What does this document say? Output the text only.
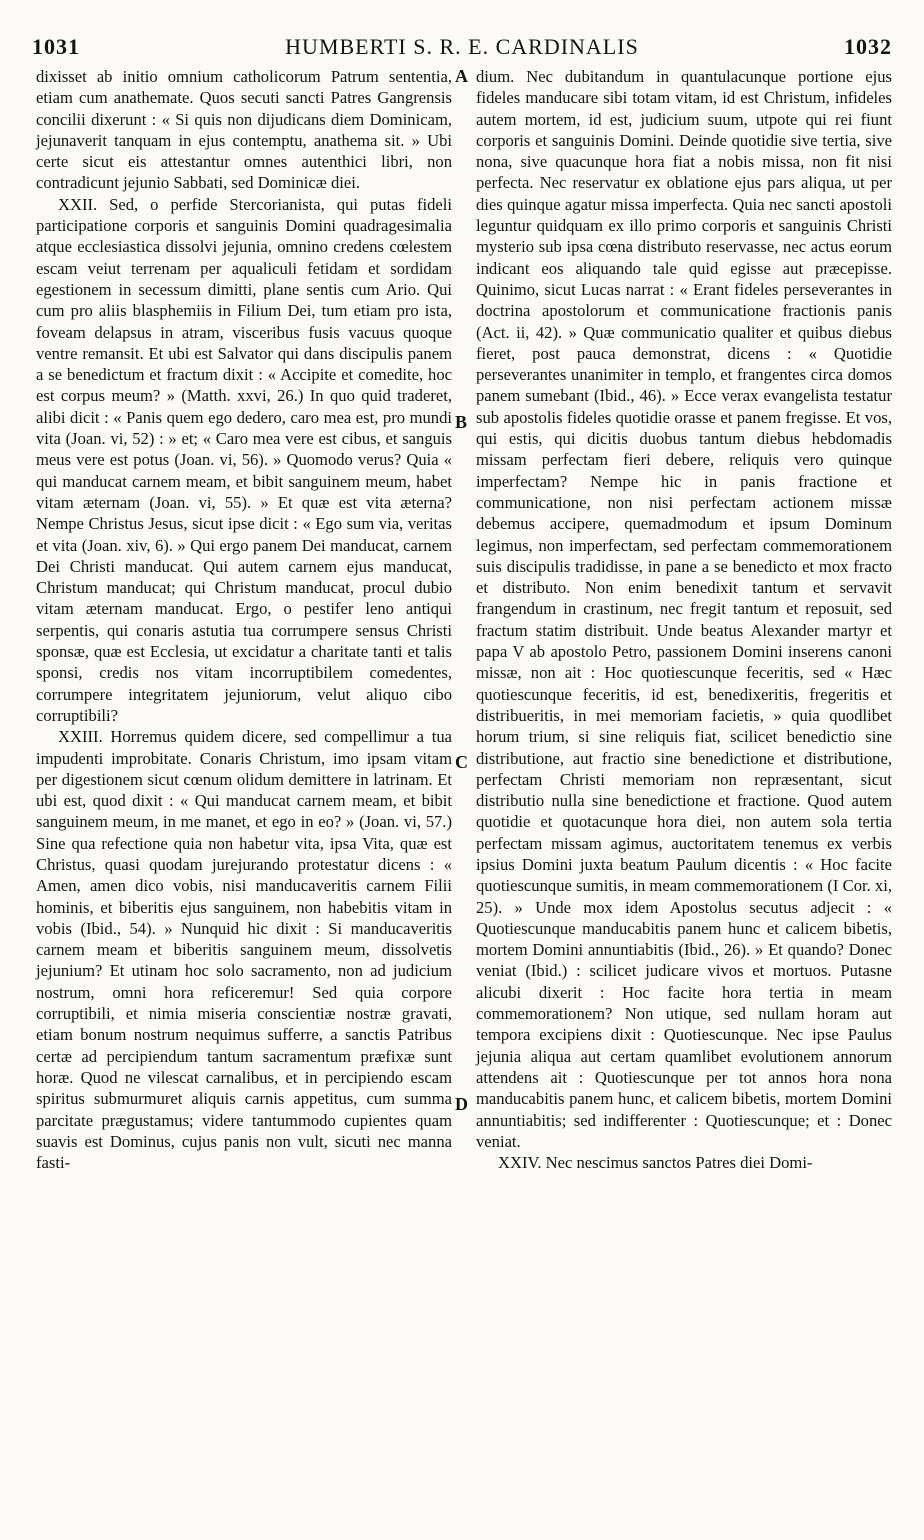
1031	HUMBERTI S. R. E. CARDINALIS	1032
A
B
C
D

dixisset ab initio omnium catholicorum Patrum sententia, etiam cum anathemate. Quos secuti sancti Patres Gangrensis concilii dixerunt : « Si quis non dijudicans diem Dominicam, jejunaverit tanquam in ejus contemptu, anathema sit. » Ubi certe sicut eis attestantur omnes autenthici libri, non contradicunt jejunio Sabbati, sed Dominicæ diei.

XXII. Sed, o perfide Stercorianista, qui putas fideli participatione corporis et sanguinis Domini quadragesimalia atque ecclesiastica dissolvi jejunia, omnino credens cœlestem escam veiut terrenam per aqualiculi fetidam et sordidam egestionem in secessum dimitti, plane sentis cum Ario. Qui cum pro aliis blasphemiis in Filium Dei, tum etiam pro ista, foveam delapsus in atram, visceribus fusis vacuus quoque ventre remansit. Et ubi est Salvator qui dans discipulis panem a se benedictum et fractum dixit : « Accipite et comedite, hoc est corpus meum? » (Matth. xxvi, 26.) In quo quid traderet, alibi dicit : « Panis quem ego dedero, caro mea est, pro mundi vita (Joan. vi, 52) : » et; « Caro mea vere est cibus, et sanguis meus vere est potus (Joan. vi, 56). » Quomodo verus? Quia « qui manducat carnem meam, et bibit sanguinem meum, habet vitam æternam (Joan. vi, 55). » Et quæ est vita æterna? Nempe Christus Jesus, sicut ipse dicit : « Ego sum via, veritas et vita (Joan. xiv, 6). » Qui ergo panem Dei manducat, carnem Dei Christi manducat. Qui autem carnem ejus manducat, Christum manducat; qui Christum manducat, procul dubio vitam æternam manducat. Ergo, o pestifer leno antiqui serpentis, qui conaris astutia tua corrumpere sensus Christi sponsæ, quæ est Ecclesia, ut excidatur a charitate tanti et talis sponsi, credis nos vitam incorruptibilem comedentes, corrumpere integritatem jejuniorum, velut aliquo cibo corruptibili?

XXIII. Horremus quidem dicere, sed compellimur a tua impudenti improbitate. Conaris Christum, imo ipsam vitam per digestionem sicut cœnum olidum demittere in latrinam. Et ubi est, quod dixit : « Qui manducat carnem meam, et bibit sanguinem meum, in me manet, et ego in eo? » (Joan. vi, 57.) Sine qua refectione quia non habetur vita, ipsa Vita, quæ est Christus, quasi quodam jurejurando protestatur dicens : « Amen, amen dico vobis, nisi manducaveritis carnem Filii hominis, et biberitis ejus sanguinem, non habebitis vitam in vobis (Ibid., 54). » Nunquid hic dixit : Si manducaveritis carnem meam et biberitis sanguinem meum, dissolvetis jejunium? Et utinam hoc solo sacramento, non ad judicium nostrum, omni hora reficeremur! Sed quia corpore corruptibili, et nimia miseria conscientiæ nostræ gravati, etiam bonum nostrum nequimus sufferre, a sanctis Patribus certæ ad percipiendum tantum sacramentum præfixæ sunt horæ. Quod ne vilescat carnalibus, et in percipiendo escam spiritus submurmuret aliquis carnis appetitus, cum summa parcitate prægustamus; videre tantummodo cupientes quam suavis est Dominus, cujus panis non vult, sicuti nec manna fasti-

dium. Nec dubitandum in quantulacunque portione ejus fideles manducare sibi totam vitam, id est Christum, infideles autem mortem, id est, judicium suum, utpote qui rei fiunt corporis et sanguinis Domini. Deinde quotidie sive tertia, sive nona, sive quacunque hora fiat a nobis missa, non fit nisi perfecta. Nec reservatur ex oblatione ejus pars aliqua, ut per dies quinque agatur missa imperfecta. Quia nec sancti apostoli leguntur quidquam ex illo primo corporis et sanguinis Christi mysterio sub ipsa cœna distributo reservasse, nec actus eorum indicant eos aliquando tale quid egisse aut præcepisse. Quinimo, sicut Lucas narrat : « Erant fideles perseverantes in doctrina apostolorum et communicatione fractionis panis (Act. ii, 42). » Quæ communicatio qualiter et quibus diebus fieret, post pauca demonstrat, dicens : « Quotidie perseverantes unanimiter in templo, et frangentes circa domos panem sumebant (Ibid., 46). » Ecce verax evangelista testatur sub apostolis fideles quotidie orasse et panem fregisse. Et vos, qui estis, qui dicitis duobus tantum diebus hebdomadis missam perfectam fieri debere, reliquis vero quinque imperfectam? Nempe hic in panis fractione et communicatione, non nisi perfectam actionem missæ debemus accipere, quemadmodum et ipsum Dominum legimus, non imperfectam, sed perfectam commemorationem suis discipulis tradidisse, in pane a se benedicto et mox fracto et distributo. Non enim benedixit tantum et servavit frangendum in crastinum, nec fregit tantum et reposuit, sed fractum statim distribuit. Unde beatus Alexander martyr et papa V ab apostolo Petro, passionem Domini inserens canoni missæ, non ait : Hoc quotiescunque feceritis, sed « Hæc quotiescunque feceritis, id est, benedixeritis, fregeritis et distribueritis, in mei memoriam facietis, » quia quodlibet horum trium, si sine reliquis fiat, scilicet benedictio sine distributione, aut fractio sine benedictione et distributione, perfectam Christi memoriam non repræsentant, sicut distributio nulla sine benedictione et fractione. Quod autem quotidie et quotacunque hora diei, non autem sola tertia perfectam missam agimus, auctoritatem tenemus ex verbis ipsius Domini juxta beatum Paulum dicentis : « Hoc facite quotiescunque sumitis, in meam commemorationem (I Cor. xi, 25). » Unde mox idem Apostolus secutus adjecit : « Quotiescunque manducabitis panem hunc et calicem bibetis, mortem Domini annuntiabitis (Ibid., 26). » Et quando? Donec veniat (Ibid.) : scilicet judicare vivos et mortuos. Putasne alicubi dixerit : Hoc facite hora tertia in meam commemorationem? Non utique, sed nullam horam aut tempora excipiens dixit : Quotiescunque. Nec ipse Paulus jejunia aliqua aut certam quamlibet evolutionem annorum attendens ait : Quotiescunque per tot annos hora nona manducabitis panem hunc, et calicem bibetis, mortem Domini annuntiabitis; sed indifferenter : Quotiescunque; et : Donec veniat.

XXIV. Nec nescimus sanctos Patres diei Domi-
